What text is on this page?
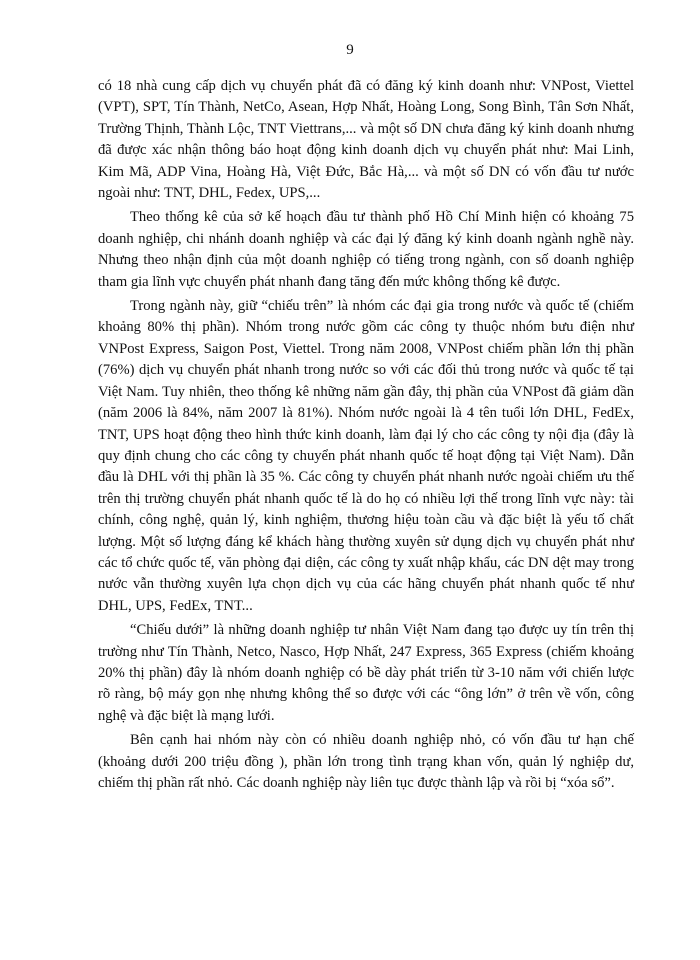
9

có 18 nhà cung cấp dịch vụ chuyển phát đã có đăng ký kinh doanh như: VNPost, Viettel (VPT), SPT, Tín Thành, NetCo, Asean, Hợp Nhất, Hoàng Long, Song Bình, Tân Sơn Nhất, Trường Thịnh, Thành Lộc, TNT Viettrans,... và một số DN chưa đăng ký kinh doanh nhưng đã được xác nhận thông báo hoạt động kinh doanh dịch vụ chuyển phát như: Mai Linh, Kim Mã, ADP Vina, Hoàng Hà, Việt Đức, Bắc Hà,... và một số DN có vốn đầu tư nước ngoài như: TNT, DHL, Fedex, UPS,...

Theo thống kê của sở kế hoạch đầu tư thành phố Hồ Chí Minh hiện có khoảng 75 doanh nghiệp, chi nhánh doanh nghiệp và các đại lý đăng ký kinh doanh ngành nghề này. Nhưng theo nhận định của một doanh nghiệp có tiếng trong ngành, con số doanh nghiệp tham gia lĩnh vực chuyển phát nhanh đang tăng đến mức không thống kê được.

Trong ngành này, giữ “chiếu trên” là nhóm các đại gia trong nước và quốc tế (chiếm khoảng 80% thị phần). Nhóm trong nước gồm các công ty thuộc nhóm bưu điện như VNPost Express, Saigon Post, Viettel. Trong năm 2008, VNPost chiếm phần lớn thị phần (76%) dịch vụ chuyển phát nhanh trong nước so với các đối thủ trong nước và quốc tế tại Việt Nam. Tuy nhiên, theo thống kê những năm gần đây, thị phần của VNPost đã giảm dần (năm 2006 là 84%, năm 2007 là 81%). Nhóm nước ngoài là 4 tên tuổi lớn DHL, FedEx, TNT, UPS hoạt động theo hình thức kinh doanh, làm đại lý cho các công ty nội địa (đây là quy định chung cho các công ty chuyển phát nhanh quốc tế hoạt động tại Việt Nam). Dẫn đầu là DHL với thị phần là 35 %. Các công ty chuyển phát nhanh nước ngoài chiếm ưu thế trên thị trường chuyển phát nhanh quốc tế là do họ có nhiều lợi thế trong lĩnh vực này: tài chính, công nghệ, quản lý, kinh nghiệm, thương hiệu toàn cầu và đặc biệt là yếu tố chất lượng. Một số lượng đáng kể khách hàng thường xuyên sử dụng dịch vụ chuyển phát như các tổ chức quốc tế, văn phòng đại diện, các công ty xuất nhập khẩu, các DN dệt may trong nước vẫn thường xuyên lựa chọn dịch vụ của các hãng chuyển phát nhanh quốc tế như DHL, UPS, FedEx, TNT...

“Chiếu dưới” là những doanh nghiệp tư nhân Việt Nam đang tạo được uy tín trên thị trường như Tín Thành, Netco, Nasco, Hợp Nhất, 247 Express, 365 Express (chiếm khoảng 20% thị phần) đây là nhóm doanh nghiệp có bề dày phát triển từ 3-10 năm với chiến lược rõ ràng, bộ máy gọn nhẹ nhưng không thể so được với các “ông lớn” ở trên về vốn, công nghệ và đặc biệt là mạng lưới.

Bên cạnh hai nhóm này còn có nhiều doanh nghiệp nhỏ, có vốn đầu tư hạn chế (khoảng dưới 200 triệu đồng ), phần lớn trong tình trạng khan vốn, quản lý nghiệp dư, chiếm thị phần rất nhỏ. Các doanh nghiệp này liên tục được thành lập và rồi bị “xóa sổ”.
